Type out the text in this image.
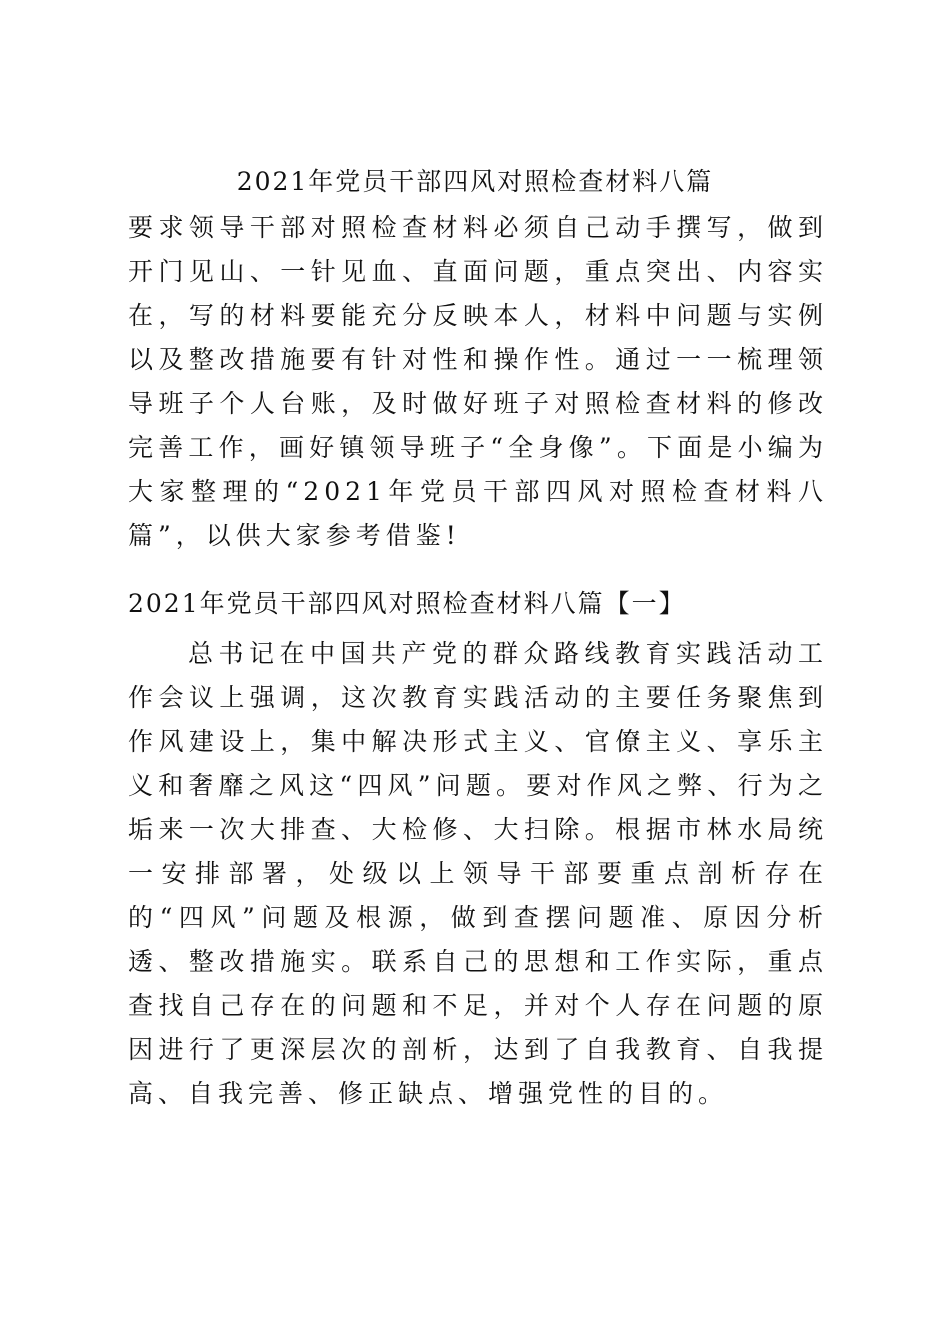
2021年党员干部四风对照检查材料八篇

要求领导干部对照检查材料必须自己动手撰写，做到开门见山、一针见血、直面问题，重点突出、内容实在，写的材料要能充分反映本人，材料中问题与实例以及整改措施要有针对性和操作性。通过一一梳理领导班子个人台账，及时做好班子对照检查材料的修改完善工作，画好镇领导班子“全身像”。下面是小编为大家整理的“2021年党员干部四风对照检查材料八篇”，以供大家参考借鉴!

2021年党员干部四风对照检查材料八篇【一】

总书记在中国共产党的群众路线教育实践活动工作会议上强调，这次教育实践活动的主要任务聚焦到作风建设上，集中解决形式主义、官僚主义、享乐主义和奢靡之风这“四风”问题。要对作风之弊、行为之垢来一次大排查、大检修、大扫除。根据市林水局统一安排部署，处级以上领导干部要重点剖析存在的“四风”问题及根源，做到查摆问题准、原因分析透、整改措施实。联系自己的思想和工作实际，重点查找自己存在的问题和不足，并对个人存在问题的原因进行了更深层次的剖析，达到了自我教育、自我提高、自我完善、修正缺点、增强党性的目的。
